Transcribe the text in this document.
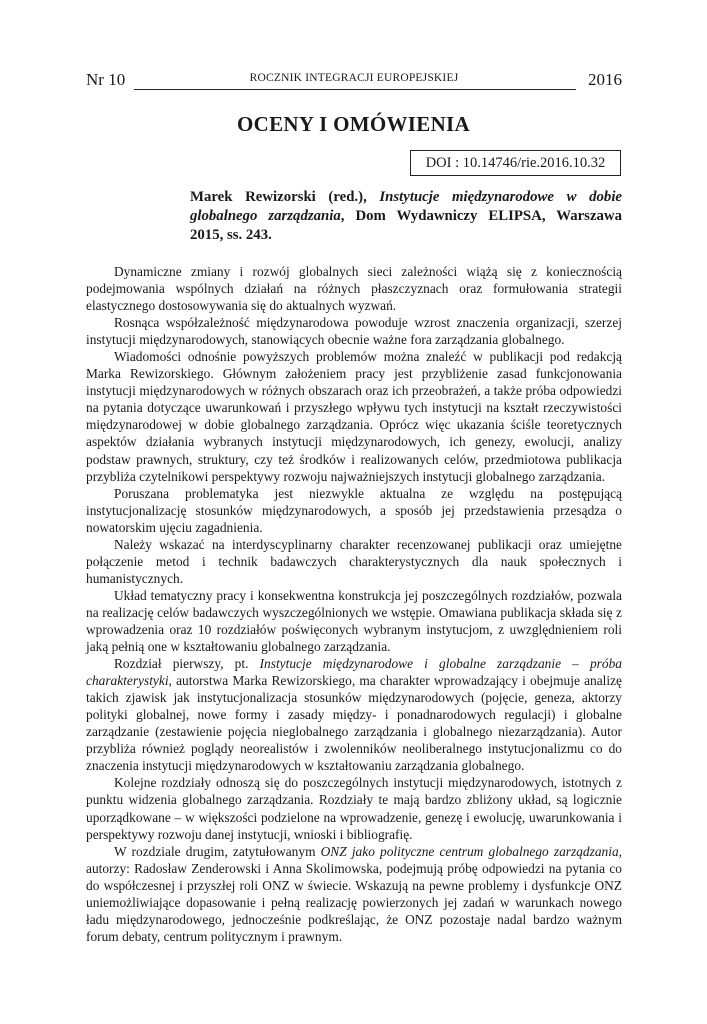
Nr 10	ROCZNIK INTEGRACJI EUROPEJSKIEJ	2016
OCENY I OMÓWIENIA
DOI : 10.14746/rie.2016.10.32
Marek Rewizorski (red.), Instytucje międzynarodowe w dobie globalnego zarządzania, Dom Wydawniczy ELIPSA, Warszawa 2015, ss. 243.

Dynamiczne zmiany i rozwój globalnych sieci zależności wiążą się z koniecznością podejmowania wspólnych działań na różnych płaszczyznach oraz formułowania strategii elastycznego dostosowywania się do aktualnych wyzwań.

Rosnąca współzależność międzynarodowa powoduje wzrost znaczenia organizacji, szerzej instytucji międzynarodowych, stanowiących obecnie ważne fora zarządzania globalnego.

Wiadomości odnośnie powyższych problemów można znaleźć w publikacji pod redakcją Marka Rewizorskiego. Głównym założeniem pracy jest przybliżenie zasad funkcjonowania instytucji międzynarodowych w różnych obszarach oraz ich przeobrażeń, a także próba odpowiedzi na pytania dotyczące uwarunkowań i przyszłego wpływu tych instytucji na kształt rzeczywistości międzynarodowej w dobie globalnego zarządzania. Oprócz więc ukazania ściśle teoretycznych aspektów działania wybranych instytucji międzynarodowych, ich genezy, ewolucji, analizy podstaw prawnych, struktury, czy też środków i realizowanych celów, przedmiotowa publikacja przybliża czytelnikowi perspektywy rozwoju najważniejszych instytucji globalnego zarządzania.

Poruszana problematyka jest niezwykle aktualna ze względu na postępującą instytucjonalizację stosunków międzynarodowych, a sposób jej przedstawienia przesądza o nowatorskim ujęciu zagadnienia.

Należy wskazać na interdyscyplinarny charakter recenzowanej publikacji oraz umiejętne połączenie metod i technik badawczych charakterystycznych dla nauk społecznych i humanistycznych.

Układ tematyczny pracy i konsekwentna konstrukcja jej poszczególnych rozdziałów, pozwala na realizację celów badawczych wyszczególnionych we wstępie. Omawiana publikacja składa się z wprowadzenia oraz 10 rozdziałów poświęconych wybranym instytucjom, z uwzględnieniem roli jaką pełnią one w kształtowaniu globalnego zarządzania.

Rozdział pierwszy, pt. Instytucje międzynarodowe i globalne zarządzanie – próba charakterystyki, autorstwa Marka Rewizorskiego, ma charakter wprowadzający i obejmuje analizę takich zjawisk jak instytucjonalizacja stosunków międzynarodowych (pojęcie, geneza, aktorzy polityki globalnej, nowe formy i zasady między- i ponadnarodowych regulacji) i globalne zarządzanie (zestawienie pojęcia nieglobalnego zarządzania i globalnego niezarządzania). Autor przybliża również poglądy neorealistów i zwolenników neoliberalnego instytucjonalizmu co do znaczenia instytucji międzynarodowych w kształtowaniu zarządzania globalnego.

Kolejne rozdziały odnoszą się do poszczególnych instytucji międzynarodowych, istotnych z punktu widzenia globalnego zarządzania. Rozdziały te mają bardzo zbliżony układ, są logicznie uporządkowane – w większości podzielone na wprowadzenie, genezę i ewolucję, uwarunkowania i perspektywy rozwoju danej instytucji, wnioski i bibliografię.

W rozdziale drugim, zatytułowanym ONZ jako polityczne centrum globalnego zarządzania, autorzy: Radosław Zenderowski i Anna Skolimowska, podejmują próbę odpowiedzi na pytania co do współczesnej i przyszłej roli ONZ w świecie. Wskazują na pewne problemy i dysfunkcje ONZ uniemożliwiające dopasowanie i pełną realizację powierzonych jej zadań w warunkach nowego ładu międzynarodowego, jednocześnie podkreślając, że ONZ pozostaje nadal bardzo ważnym forum debaty, centrum politycznym i prawnym.
